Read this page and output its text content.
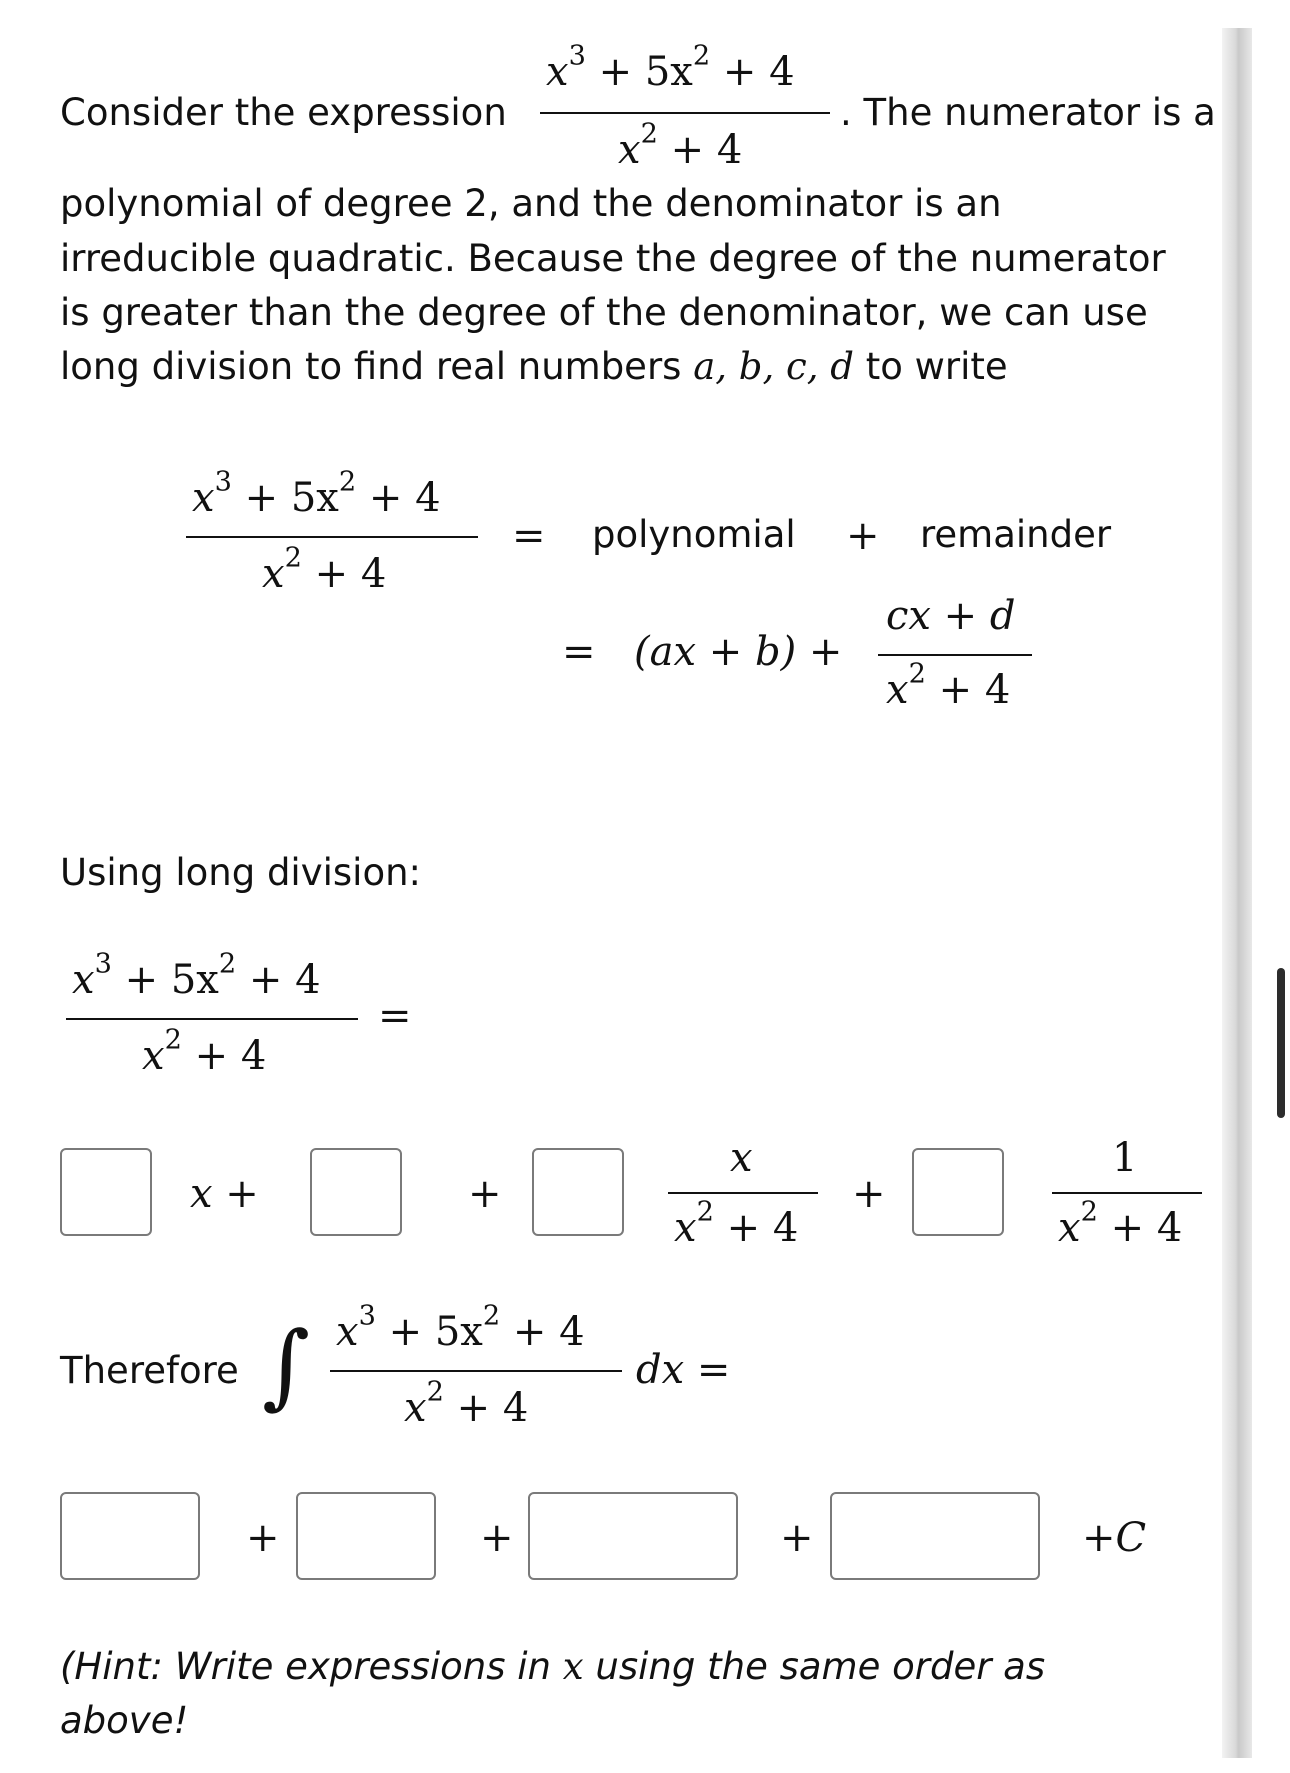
Consider the expression
$x^3 + 5x^2 + 4$
$x^2 + 4$
. The numerator is a
polynomial of degree 2, and the denominator is an
irreducible quadratic. Because the degree of the numerator
is greater than the degree of the denominator, we can use
long division to find real numbers a, b, c, d to write
$x^3 + 5x^2 + 4$
$x^2 + 4$
= polynomial + remainder
= (ax + b) +
cx + d
$x^2 + 4$
Using long division:
$x^3 + 5x^2 + 4$
$x^2 + 4$
=
x +	+
x
$x^2 + 4$
+
1
$x^2 + 4$
Therefore ∫ $x^3 + 5x^2 + 4$
$x^2 + 4$
dx =
+	+	+	+C
(Hint: Write expressions in x using the same order as
above!
